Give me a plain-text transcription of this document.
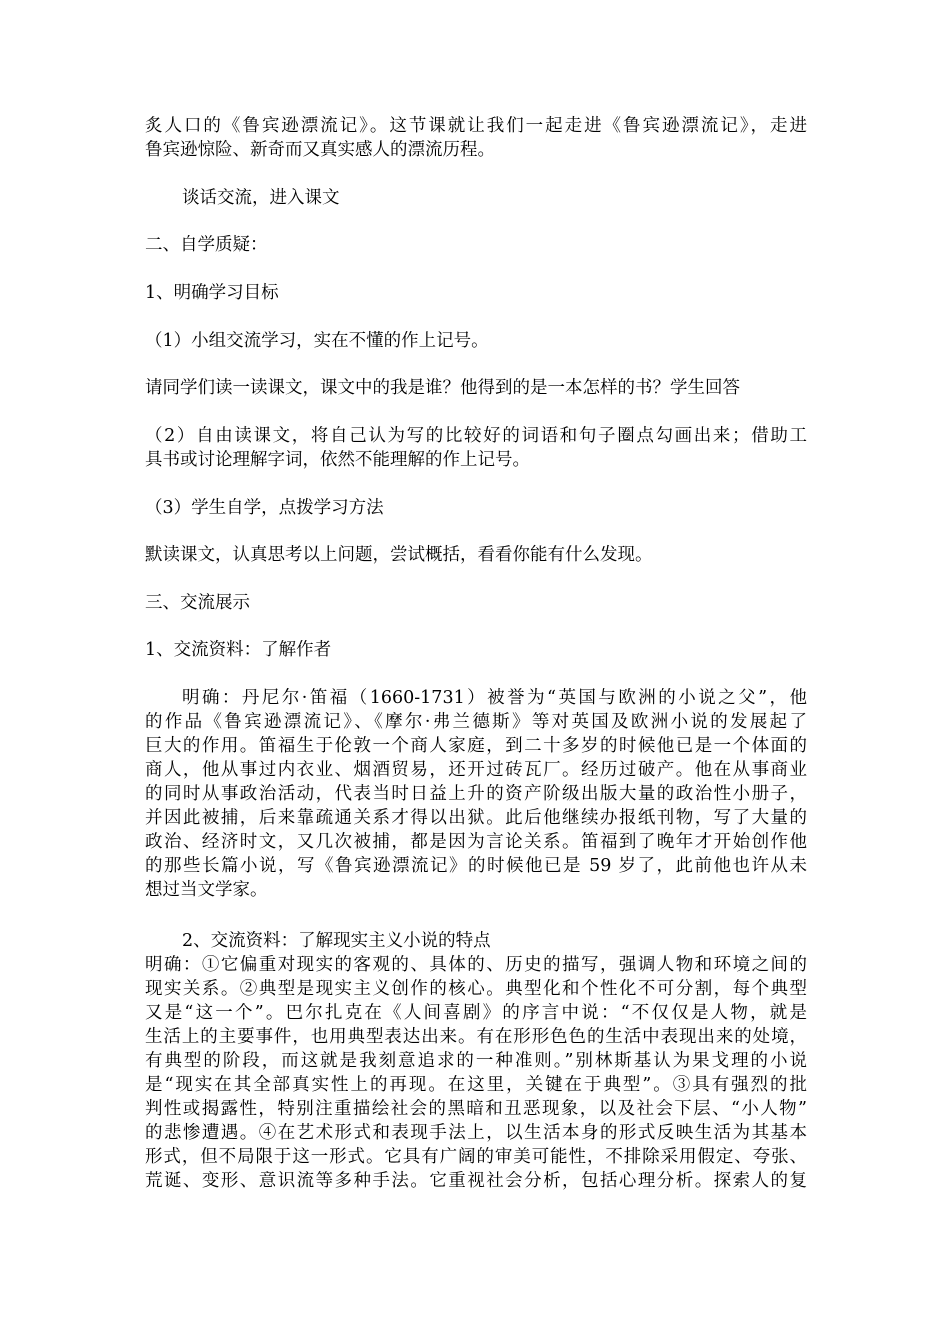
炙人口的《鲁宾逊漂流记》。这节课就让我们一起走进《鲁宾逊漂流记》，走进
鲁宾逊惊险、新奇而又真实感人的漂流历程。
谈话交流，进入课文
二、自学质疑：
1、明确学习目标
（1）小组交流学习，实在不懂的作上记号。
请同学们读一读课文，课文中的我是谁？他得到的是一本怎样的书？学生回答
（2）自由读课文，将自己认为写的比较好的词语和句子圈点勾画出来；借助工
具书或讨论理解字词，依然不能理解的作上记号。
（3）学生自学，点拨学习方法
默读课文，认真思考以上问题，尝试概括，看看你能有什么发现。
三、交流展示
1、交流资料：了解作者
明确：丹尼尔·笛福（1660-1731）被誉为“英国与欧洲的小说之父”，他
的作品《鲁宾逊漂流记》、《摩尔·弗兰德斯》等对英国及欧洲小说的发展起了
巨大的作用。笛福生于伦敦一个商人家庭，到二十多岁的时候他已是一个体面的
商人，他从事过内衣业、烟酒贸易，还开过砖瓦厂。经历过破产。他在从事商业
的同时从事政治活动，代表当时日益上升的资产阶级出版大量的政治性小册子，
并因此被捕，后来靠疏通关系才得以出狱。此后他继续办报纸刊物，写了大量的
政治、经济时文，又几次被捕，都是因为言论关系。笛福到了晚年才开始创作他
的那些长篇小说，写《鲁宾逊漂流记》的时候他已是 59 岁了，此前他也许从未
想过当文学家。
2、交流资料：了解现实主义小说的特点
明确：①它偏重对现实的客观的、具体的、历史的描写，强调人物和环境之间的
现实关系。②典型是现实主义创作的核心。典型化和个性化不可分割，每个典型
又是“这一个”。巴尔扎克在《人间喜剧》的序言中说：“不仅仅是人物，就是
生活上的主要事件，也用典型表达出来。有在形形色色的生活中表现出来的处境，
有典型的阶段，而这就是我刻意追求的一种准则。”别林斯基认为果戈理的小说
是“现实在其全部真实性上的再现。在这里，关键在于典型”。③具有强烈的批
判性或揭露性，特别注重描绘社会的黑暗和丑恶现象，以及社会下层、“小人物”
的悲惨遭遇。④在艺术形式和表现手法上，以生活本身的形式反映生活为其基本
形式，但不局限于这一形式。它具有广阔的审美可能性，不排除采用假定、夸张、
荒诞、变形、意识流等多种手法。它重视社会分析，包括心理分析。探索人的复
